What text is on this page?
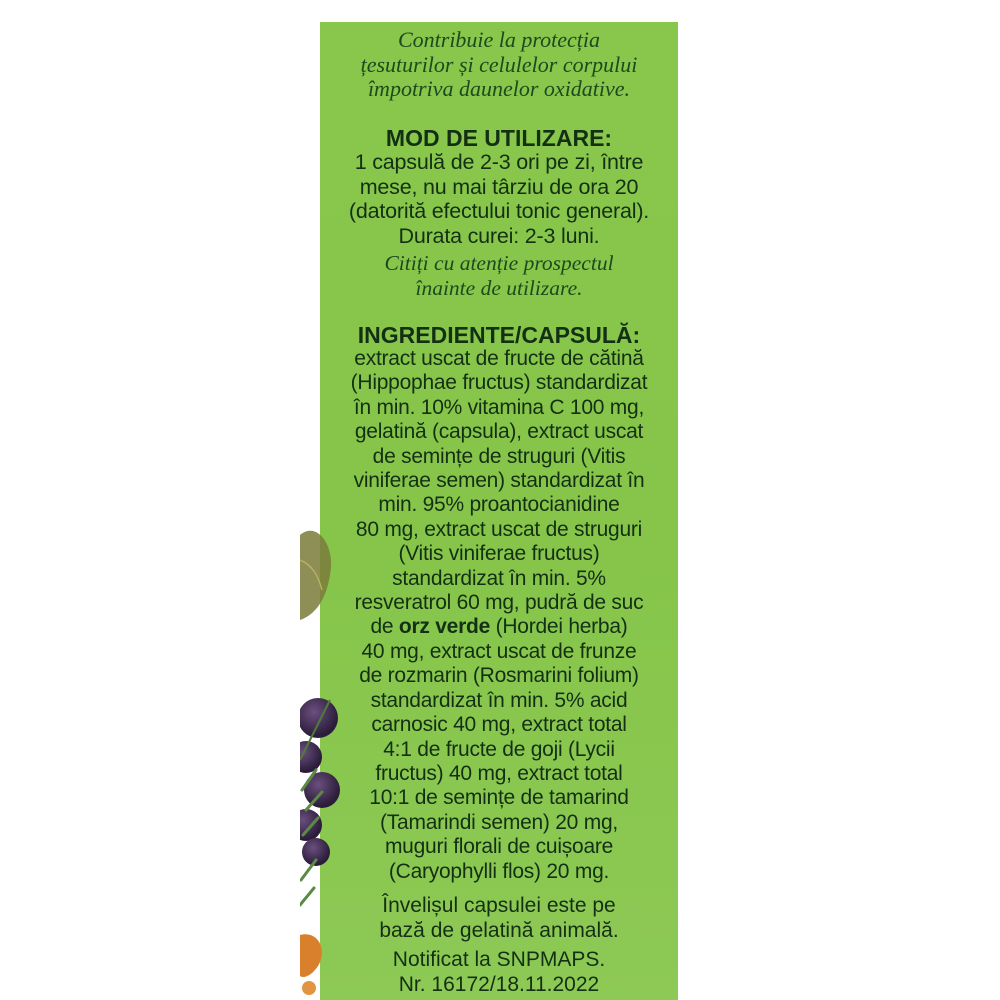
Contribuie la protecția
țesuturilor și celulelor corpului
împotriva daunelor oxidative.
MOD DE UTILIZARE:
1 capsulă de 2-3 ori pe zi, între
mese, nu mai târziu de ora 20
(datorită efectului tonic general).
Durata curei: 2-3 luni.
Citiți cu atenție prospectul
înainte de utilizare.
INGREDIENTE/CAPSULĂ:
extract uscat de fructe de cătină
(Hippophae fructus) standardizat
în min. 10% vitamina C 100 mg,
gelatină (capsula), extract uscat
de semințe de struguri (Vitis
viniferae semen) standardizat în
min. 95% proantocianidine
80 mg, extract uscat de struguri
(Vitis viniferae fructus)
standardizat în min. 5%
resveratrol 60 mg, pudră de suc
de orz verde (Hordei herba)
40 mg, extract uscat de frunze
de rozmarin (Rosmarini folium)
standardizat în min. 5% acid
carnosic 40 mg, extract total
4:1 de fructe de goji (Lycii
fructus) 40 mg, extract total
10:1 de semințe de tamarind
(Tamarindi semen) 20 mg,
muguri florali de cuișoare
(Caryophylli flos) 20 mg.
Învelișul capsulei este pe
bază de gelatină animală.
Notificat la SNPMAPS.
Nr. 16172/18.11.2022
